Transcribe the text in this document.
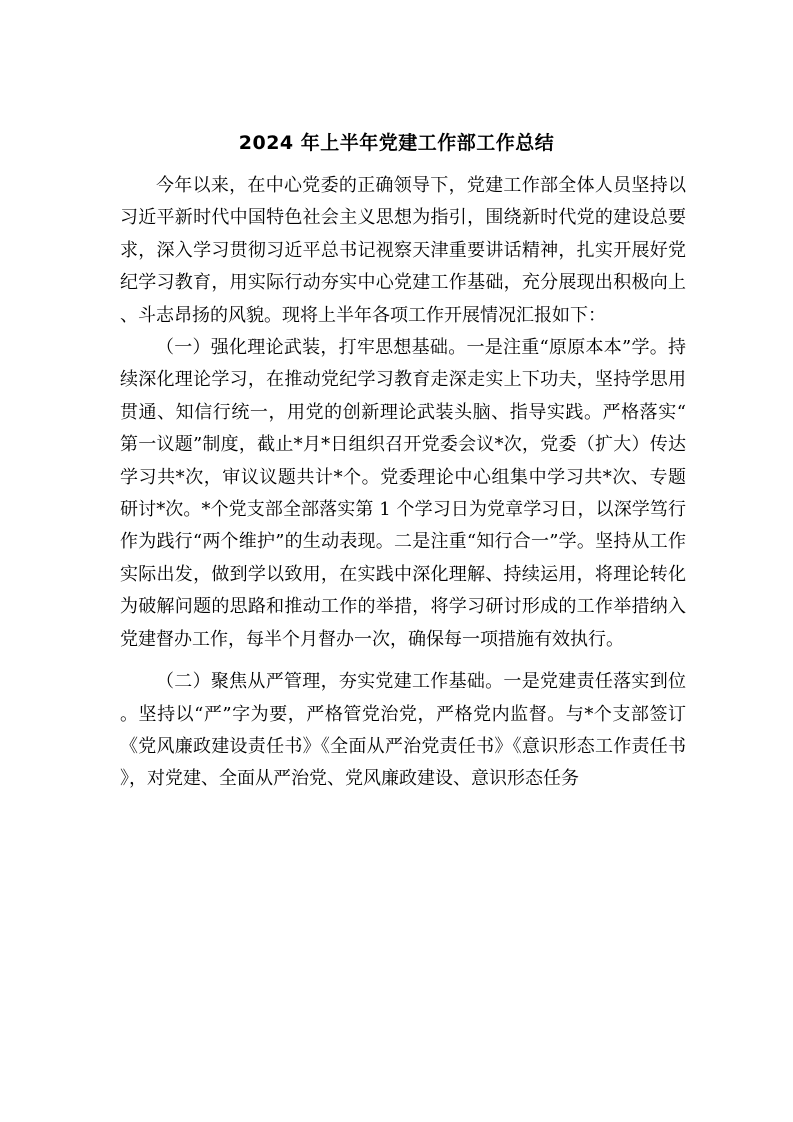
2024 年上半年党建工作部工作总结

今年以来，在中心党委的正确领导下，党建工作部全体人员坚持以习近平新时代中国特色社会主义思想为指引，围绕新时代党的建设总要求，深入学习贯彻习近平总书记视察天津重要讲话精神，扎实开展好党纪学习教育，用实际行动夯实中心党建工作基础，充分展现出积极向上、斗志昂扬的风貌。现将上半年各项工作开展情况汇报如下：

（一）强化理论武装，打牢思想基础。一是注重“原原本本”学。持续深化理论学习，在推动党纪学习教育走深走实上下功夫，坚持学思用贯通、知信行统一，用党的创新理论武装头脑、指导实践。严格落实“第一议题”制度，截止*月*日组织召开党委会议*次，党委（扩大）传达学习共*次，审议议题共计*个。党委理论中心组集中学习共*次、专题研讨*次。*个党支部全部落实第 1 个学习日为党章学习日，以深学笃行作为践行“两个维护”的生动表现。二是注重“知行合一”学。坚持从工作实际出发，做到学以致用，在实践中深化理解、持续运用，将理论转化为破解问题的思路和推动工作的举措，将学习研讨形成的工作举措纳入党建督办工作，每半个月督办一次，确保每一项措施有效执行。

（二）聚焦从严管理，夯实党建工作基础。一是党建责任落实到位。坚持以“严”字为要，严格管党治党，严格党内监督。与*个支部签订《党风廉政建设责任书》《全面从严治党责任书》《意识形态工作责任书》，对党建、全面从严治党、党风廉政建设、意识形态任务
